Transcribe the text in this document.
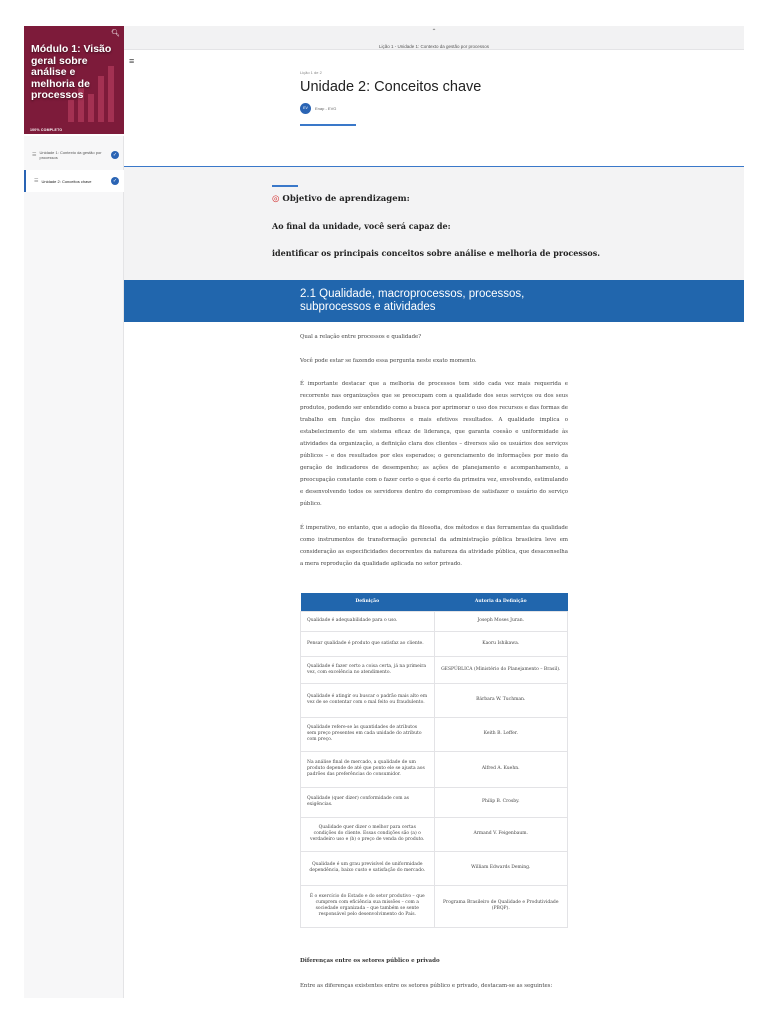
🔍︎
Módulo 1: Visão geral sobre análise e melhoria de processos
100% COMPLETO
☰ Unidade 1: Contexto da gestão por processos	✓
☰ Unidade 2: Conceitos chave	✓
⌃
Lição 1 - Unidade 1: Contexto da gestão por processos
≡
Lição 1 de 2
Unidade 2: Conceitos chave
EV	Enap - EVG
◎ Objetivo de aprendizagem:
Ao final da unidade, você será capaz de:
identificar os principais conceitos sobre análise e melhoria de processos.
2.1 Qualidade, macroprocessos, processos, subprocessos e atividades

Qual a relação entre processos e qualidade?

Você pode estar se fazendo essa pergunta neste exato momento.

É importante destacar que a melhoria de processos tem sido cada vez mais requerida e recorrente nas organizações que se preocupam com a qualidade dos seus serviços ou dos seus produtos, podendo ser entendido como a busca por aprimorar o uso dos recursos e das formas de trabalho em função dos melhores e mais efetivos resultados. A qualidade implica o estabelecimento de um sistema eficaz de liderança, que garanta coesão e uniformidade às atividades da organização, a definição clara dos clientes – diversos são os usuários dos serviços públicos – e dos resultados por eles esperados; o gerenciamento de informações por meio da geração de indicadores de desempenho; as ações de planejamento e acompanhamento, a preocupação constante com o fazer certo o que é certo da primeira vez, envolvendo, estimulando e desenvolvendo todos os servidores dentro do compromisso de satisfazer o usuário do serviço público.

É imperativo, no entanto, que a adoção da filosofia, dos métodos e das ferramentas da qualidade como instrumentos de transformação gerencial da administração pública brasileira leve em consideração as especificidades decorrentes da natureza da atividade pública, que desaconselha a mera reprodução da qualidade aplicada no setor privado.

Definição	Autoria da Definição
Qualidade é adequabilidade para o uso.	Joseph Moses Juran.
Pensar qualidade é produto que satisfaz ao cliente.	Kaoru Ishikawa.
Qualidade é fazer certo a coisa certa, já na primeira vez, com excelência no atendimento.	GESPÚBLICA (Ministério do Planejamento – Brasil).
Qualidade é atingir ou buscar o padrão mais alto em vez de se contentar com o mal feito ou fraudulento.	Bárbara W. Tuchman.
Qualidade refere-se às quantidades de atributos sem preço presentes em cada unidade do atributo com preço.	Keith B. Leffer.
Na análise final de mercado, a qualidade de um produto depende de até que ponto ele se ajusta aos padrões das preferências do consumidor.	Alfred A. Kuehn.
Qualidade (quer dizer) conformidade com as exigências.	Philip B. Crosby.
Qualidade quer dizer o melhor para certas condições do cliente. Essas condições são (a) o verdadeiro uso e (b) o preço de venda do produto.	Armand V. Feigenbaum.
Qualidade é um grau previsível de uniformidade dependência, baixo custo e satisfação do mercado.	William Edwards Deming.
É o exercício do Estado e do setor produtivo – que cumprem com eficiência sua missões – com a sociedade organizada – que também se sente responsável pelo desenvolvimento do País.	Programa Brasileiro de Qualidade e Produtividade (PBQP).
Diferenças entre os setores público e privado

Entre as diferenças existentes entre os setores público e privado, destacam-se as seguintes:
